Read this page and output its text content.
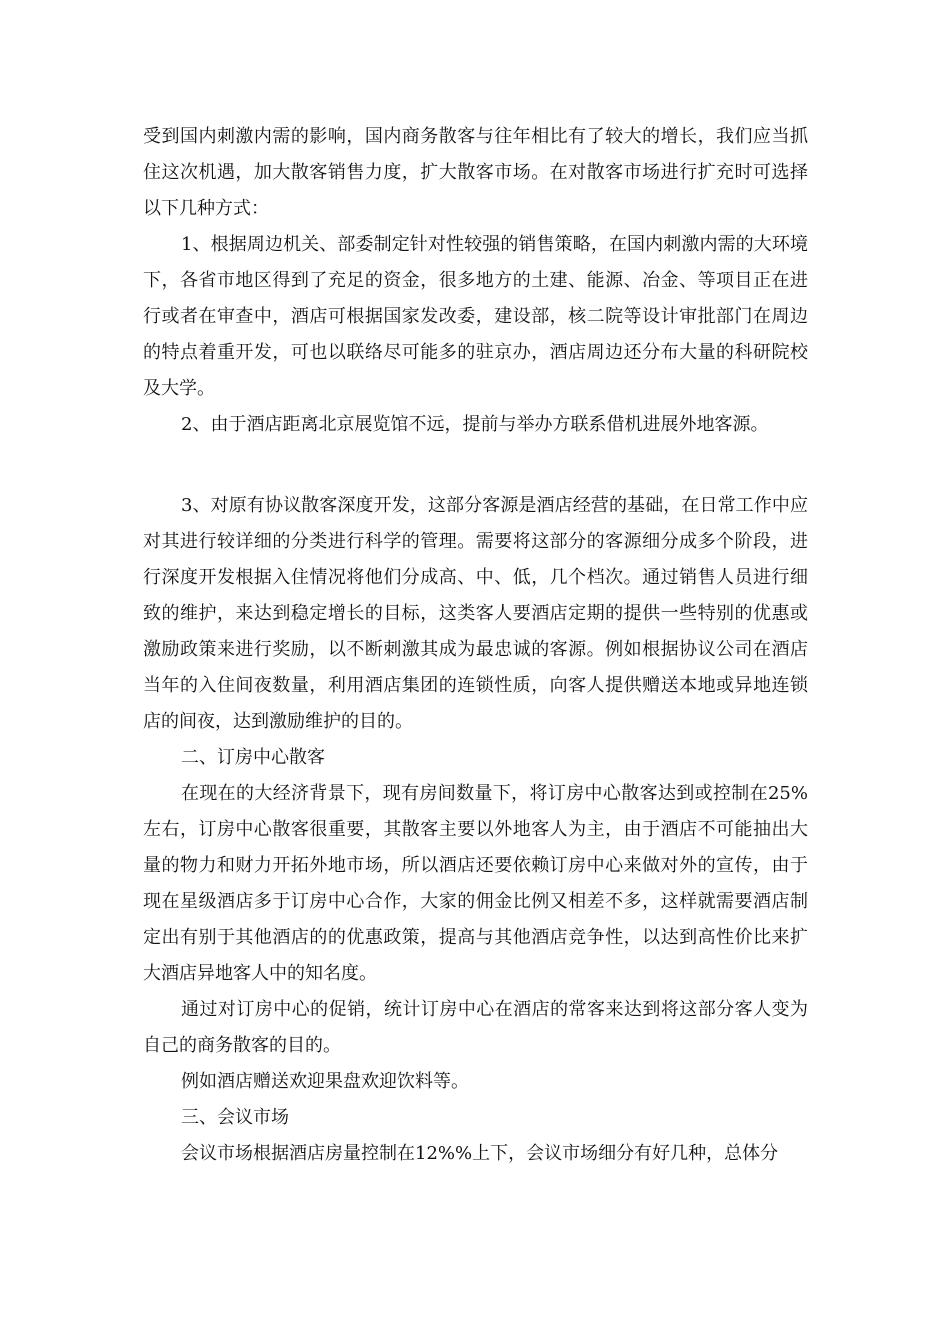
受到国内刺激内需的影响，国内商务散客与往年相比有了较大的增长，我们应当抓住这次机遇，加大散客销售力度，扩大散客市场。在对散客市场进行扩充时可选择以下几种方式：

1、根据周边机关、部委制定针对性较强的销售策略，在国内刺激内需的大环境下，各省市地区得到了充足的资金，很多地方的土建、能源、冶金、等项目正在进行或者在审查中，酒店可根据国家发改委，建设部，核二院等设计审批部门在周边的特点着重开发，可也以联络尽可能多的驻京办，酒店周边还分布大量的科研院校及大学。

2、由于酒店距离北京展览馆不远，提前与举办方联系借机进展外地客源。

3、对原有协议散客深度开发，这部分客源是酒店经营的基础，在日常工作中应对其进行较详细的分类进行科学的管理。需要将这部分的客源细分成多个阶段，进行深度开发根据入住情况将他们分成高、中、低，几个档次。通过销售人员进行细致的维护，来达到稳定增长的目标，这类客人要酒店定期的提供一些特别的优惠或激励政策来进行奖励，以不断刺激其成为最忠诚的客源。例如根据协议公司在酒店当年的入住间夜数量，利用酒店集团的连锁性质，向客人提供赠送本地或异地连锁店的间夜，达到激励维护的目的。

二、订房中心散客

在现在的大经济背景下，现有房间数量下，将订房中心散客达到或控制在25%左右，订房中心散客很重要，其散客主要以外地客人为主，由于酒店不可能抽出大量的物力和财力开拓外地市场，所以酒店还要依赖订房中心来做对外的宣传，由于现在星级酒店多于订房中心合作，大家的佣金比例又相差不多，这样就需要酒店制定出有别于其他酒店的的优惠政策，提高与其他酒店竞争性，以达到高性价比来扩大酒店异地客人中的知名度。

通过对订房中心的促销，统计订房中心在酒店的常客来达到将这部分客人变为自己的商务散客的目的。

例如酒店赠送欢迎果盘欢迎饮料等。

三、会议市场

会议市场根据酒店房量控制在12%%上下，会议市场细分有好几种，总体分
